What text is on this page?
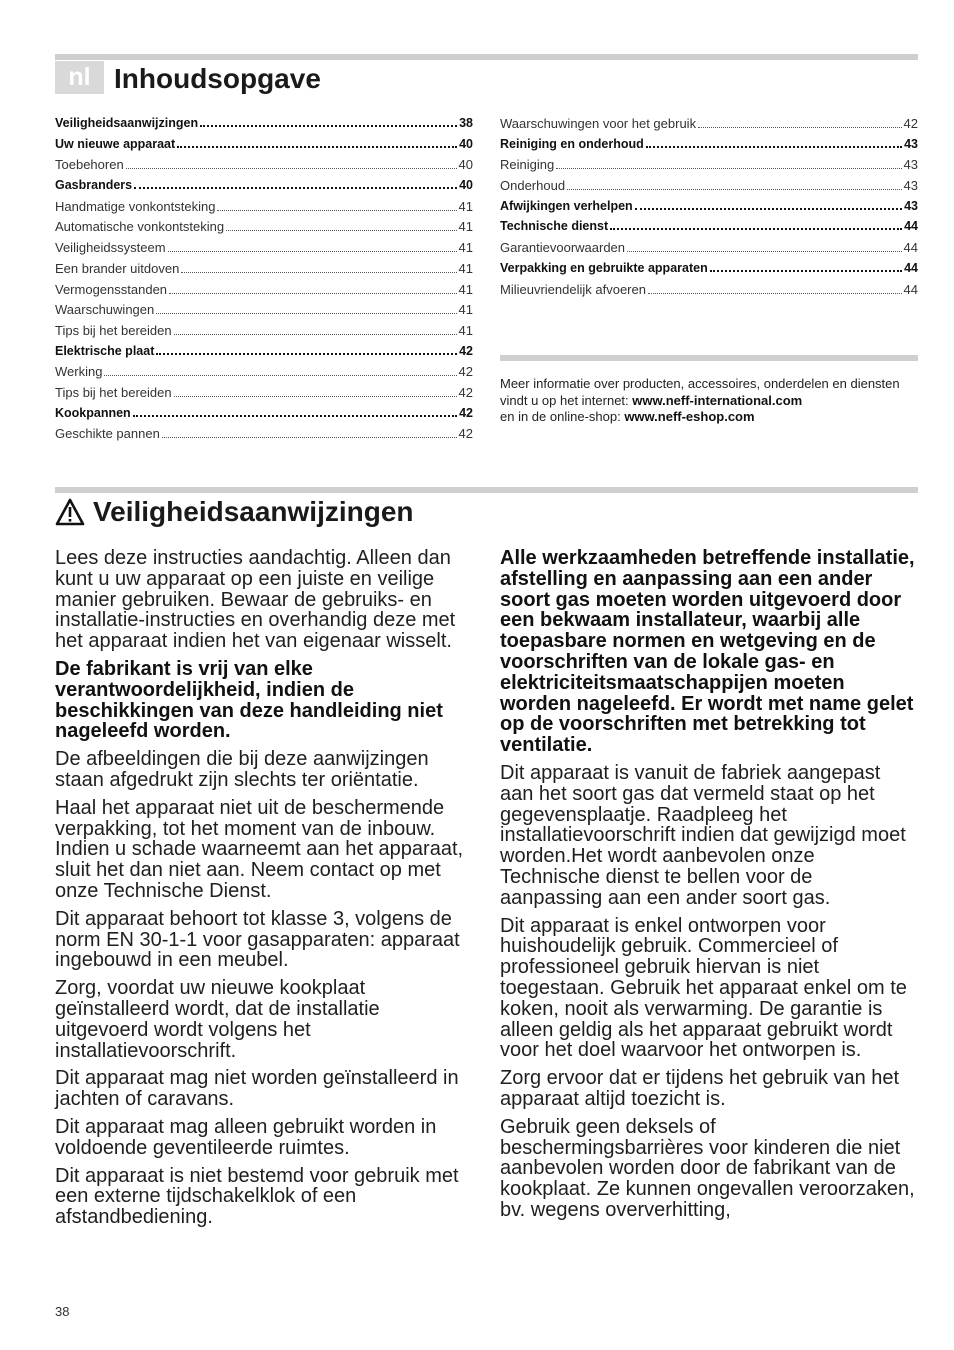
nl Inhoudsopgave
Veiligheidsaanwijzingen	38
Uw nieuwe apparaat	40
Toebehoren	40
Gasbranders	40
Handmatige vonkontsteking	41
Automatische vonkontsteking	41
Veiligheidssysteem	41
Een brander uitdoven	41
Vermogensstanden	41
Waarschuwingen	41
Tips bij het bereiden	41
Elektrische plaat	42
Werking	42
Tips bij het bereiden	42
Kookpannen	42
Geschikte pannen	42
Waarschuwingen voor het gebruik	42
Reiniging en onderhoud	43
Reiniging	43
Onderhoud	43
Afwijkingen verhelpen	43
Technische dienst	44
Garantievoorwaarden	44
Verpakking en gebruikte apparaten	44
Milieuvriendelijk afvoeren	44

Meer informatie over producten, accessoires, onderdelen en diensten vindt u op het internet: www.neff-international.com
en in de online-shop: www.neff-eshop.com

Veiligheidsaanwijzingen

Lees deze instructies aandachtig. Alleen dan kunt u uw apparaat op een juiste en veilige manier gebruiken. Bewaar de gebruiks- en installatie-instructies en overhandig deze met het apparaat indien het van eigenaar wisselt.

De fabrikant is vrij van elke verantwoordelijkheid, indien de beschikkingen van deze handleiding niet nageleefd worden.

De afbeeldingen die bij deze aanwijzingen staan afgedrukt zijn slechts ter oriëntatie.

Haal het apparaat niet uit de beschermende verpakking, tot het moment van de inbouw. Indien u schade waarneemt aan het apparaat, sluit het dan niet aan. Neem contact op met onze Technische Dienst.

Dit apparaat behoort tot klasse 3, volgens de norm EN 30-1-1 voor gasapparaten: apparaat ingebouwd in een meubel.

Zorg, voordat uw nieuwe kookplaat geïnstalleerd wordt, dat de installatie uitgevoerd wordt volgens het installatievoorschrift.

Dit apparaat mag niet worden geïnstalleerd in jachten of caravans.

Dit apparaat mag alleen gebruikt worden in voldoende geventileerde ruimtes.

Dit apparaat is niet bestemd voor gebruik met een externe tijdschakelklok of een afstandbediening.

Alle werkzaamheden betreffende installatie, afstelling en aanpassing aan een ander soort gas moeten worden uitgevoerd door een bekwaam installateur, waarbij alle toepasbare normen en wetgeving en de voorschriften van de lokale gas- en elektriciteitsmaatschappijen moeten worden nageleefd. Er wordt met name gelet op de voorschriften met betrekking tot ventilatie.

Dit apparaat is vanuit de fabriek aangepast aan het soort gas dat vermeld staat op het gegevensplaatje. Raadpleeg het installatievoorschrift indien dat gewijzigd moet worden.Het wordt aanbevolen onze Technische dienst te bellen voor de aanpassing aan een ander soort gas.

Dit apparaat is enkel ontworpen voor huishoudelijk gebruik. Commercieel of professioneel gebruik hiervan is niet toegestaan. Gebruik het apparaat enkel om te koken, nooit als verwarming. De garantie is alleen geldig als het apparaat gebruikt wordt voor het doel waarvoor het ontworpen is.

Zorg ervoor dat er tijdens het gebruik van het apparaat altijd toezicht is.

Gebruik geen deksels of beschermingsbarrières voor kinderen die niet aanbevolen worden door de fabrikant van de kookplaat. Ze kunnen ongevallen veroorzaken, bv. wegens oververhitting,

38
